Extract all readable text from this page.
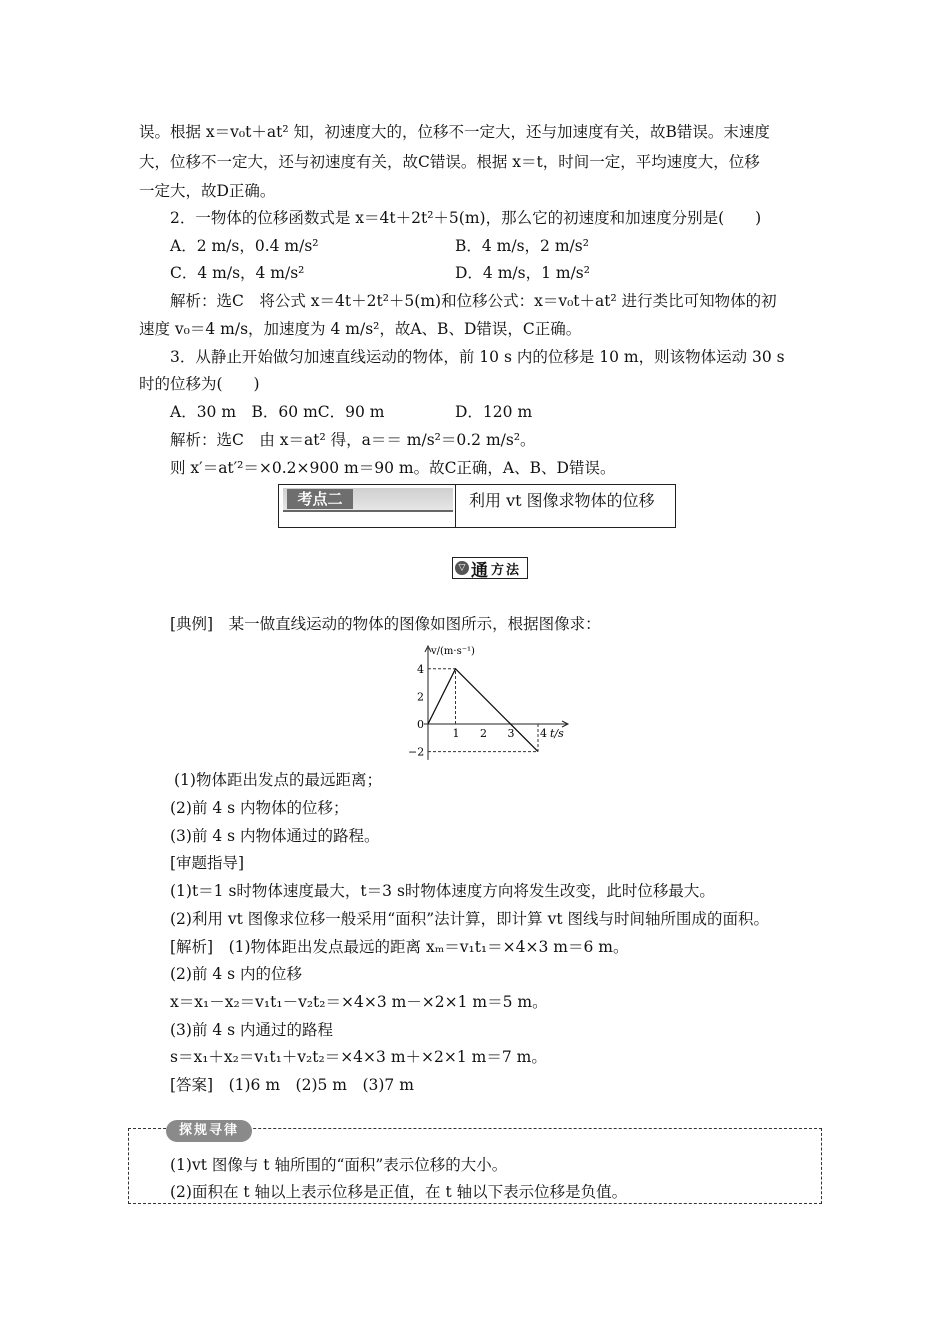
误。根据 x＝v₀t＋at² 知，初速度大的，位移不一定大，还与加速度有关，故B错误。末速度
大，位移不一定大，还与初速度有关，故C错误。根据 x＝t，时间一定，平均速度大，位移
一定大，故D正确。
2．一物体的位移函数式是 x＝4t＋2t²＋5(m)，那么它的初速度和加速度分别是(　　)
A．2 m/s，0.4 m/s²	B．4 m/s，2 m/s²
C．4 m/s，4 m/s²	D．4 m/s，1 m/s²
解析：选C　将公式 x＝4t＋2t²＋5(m)和位移公式：x＝v₀t＋at² 进行类比可知物体的初
速度 v₀＝4 m/s，加速度为 4 m/s²，故A、B、D错误，C正确。
3．从静止开始做匀加速直线运动的物体，前 10 s 内的位移是 10 m，则该物体运动 30 s
时的位移为(　　)
A．30 m　B．60 mC．90 m	D．120 m
解析：选C　由 x＝at² 得，a＝＝ m/s²＝0.2 m/s²。
则 x′＝at′²＝×0.2×900 m＝90 m。故C正确，A、B、D错误。
考点二	利用 vt 图像求物体的位移
▽ 通 方法
[典例]　某一做直线运动的物体的图像如图所示，根据图像求：
v/(m·s⁻¹)
t/s
1 2 3 4
4
2
0
−2
(1)物体距出发点的最远距离；
(2)前 4 s 内物体的位移；
(3)前 4 s 内物体通过的路程。
[审题指导]
(1)t＝1 s时物体速度最大，t＝3 s时物体速度方向将发生改变，此时位移最大。
(2)利用 vt 图像求位移一般采用“面积”法计算，即计算 vt 图线与时间轴所围成的面积。
[解析]　(1)物体距出发点最远的距离 xₘ＝v₁t₁＝×4×3 m＝6 m。
(2)前 4 s 内的位移
x＝x₁－x₂＝v₁t₁－v₂t₂＝×4×3 m－×2×1 m＝5 m。
(3)前 4 s 内通过的路程
s＝x₁＋x₂＝v₁t₁＋v₂t₂＝×4×3 m＋×2×1 m＝7 m。
[答案]　(1)6 m　(2)5 m　(3)7 m
探规寻律
(1)vt 图像与 t 轴所围的“面积”表示位移的大小。
(2)面积在 t 轴以上表示位移是正值，在 t 轴以下表示位移是负值。
